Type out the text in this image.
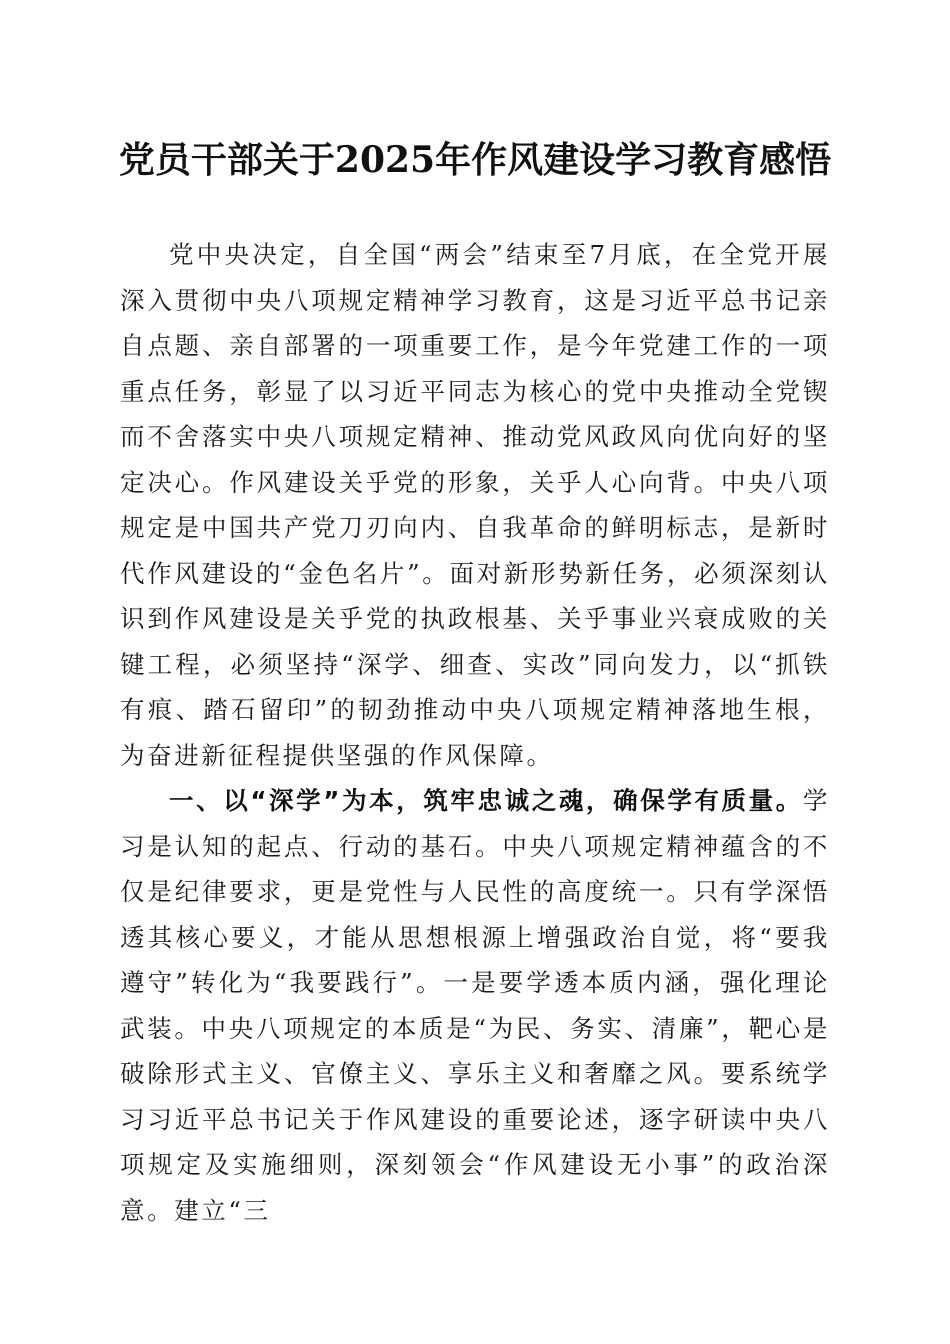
党员干部关于2025年作风建设学习教育感悟

党中央决定，自全国“两会”结束至7月底，在全党开展深入贯彻中央八项规定精神学习教育，这是习近平总书记亲自点题、亲自部署的一项重要工作，是今年党建工作的一项重点任务，彰显了以习近平同志为核心的党中央推动全党锲而不舍落实中央八项规定精神、推动党风政风向优向好的坚定决心。作风建设关乎党的形象，关乎人心向背。中央八项规定是中国共产党刀刃向内、自我革命的鲜明标志，是新时代作风建设的“金色名片”。面对新形势新任务，必须深刻认识到作风建设是关乎党的执政根基、关乎事业兴衰成败的关键工程，必须坚持“深学、细查、实改”同向发力，以“抓铁有痕、踏石留印”的韧劲推动中央八项规定精神落地生根，为奋进新征程提供坚强的作风保障。

一、以“深学”为本，筑牢忠诚之魂，确保学有质量。学习是认知的起点、行动的基石。中央八项规定精神蕴含的不仅是纪律要求，更是党性与人民性的高度统一。只有学深悟透其核心要义，才能从思想根源上增强政治自觉，将“要我遵守”转化为“我要践行”。一是要学透本质内涵，强化理论武装。中央八项规定的本质是“为民、务实、清廉”，靶心是破除形式主义、官僚主义、享乐主义和奢靡之风。要系统学习习近平总书记关于作风建设的重要论述，逐字研读中央八项规定及实施细则，深刻领会“作风建设无小事”的政治深意。建立“三
